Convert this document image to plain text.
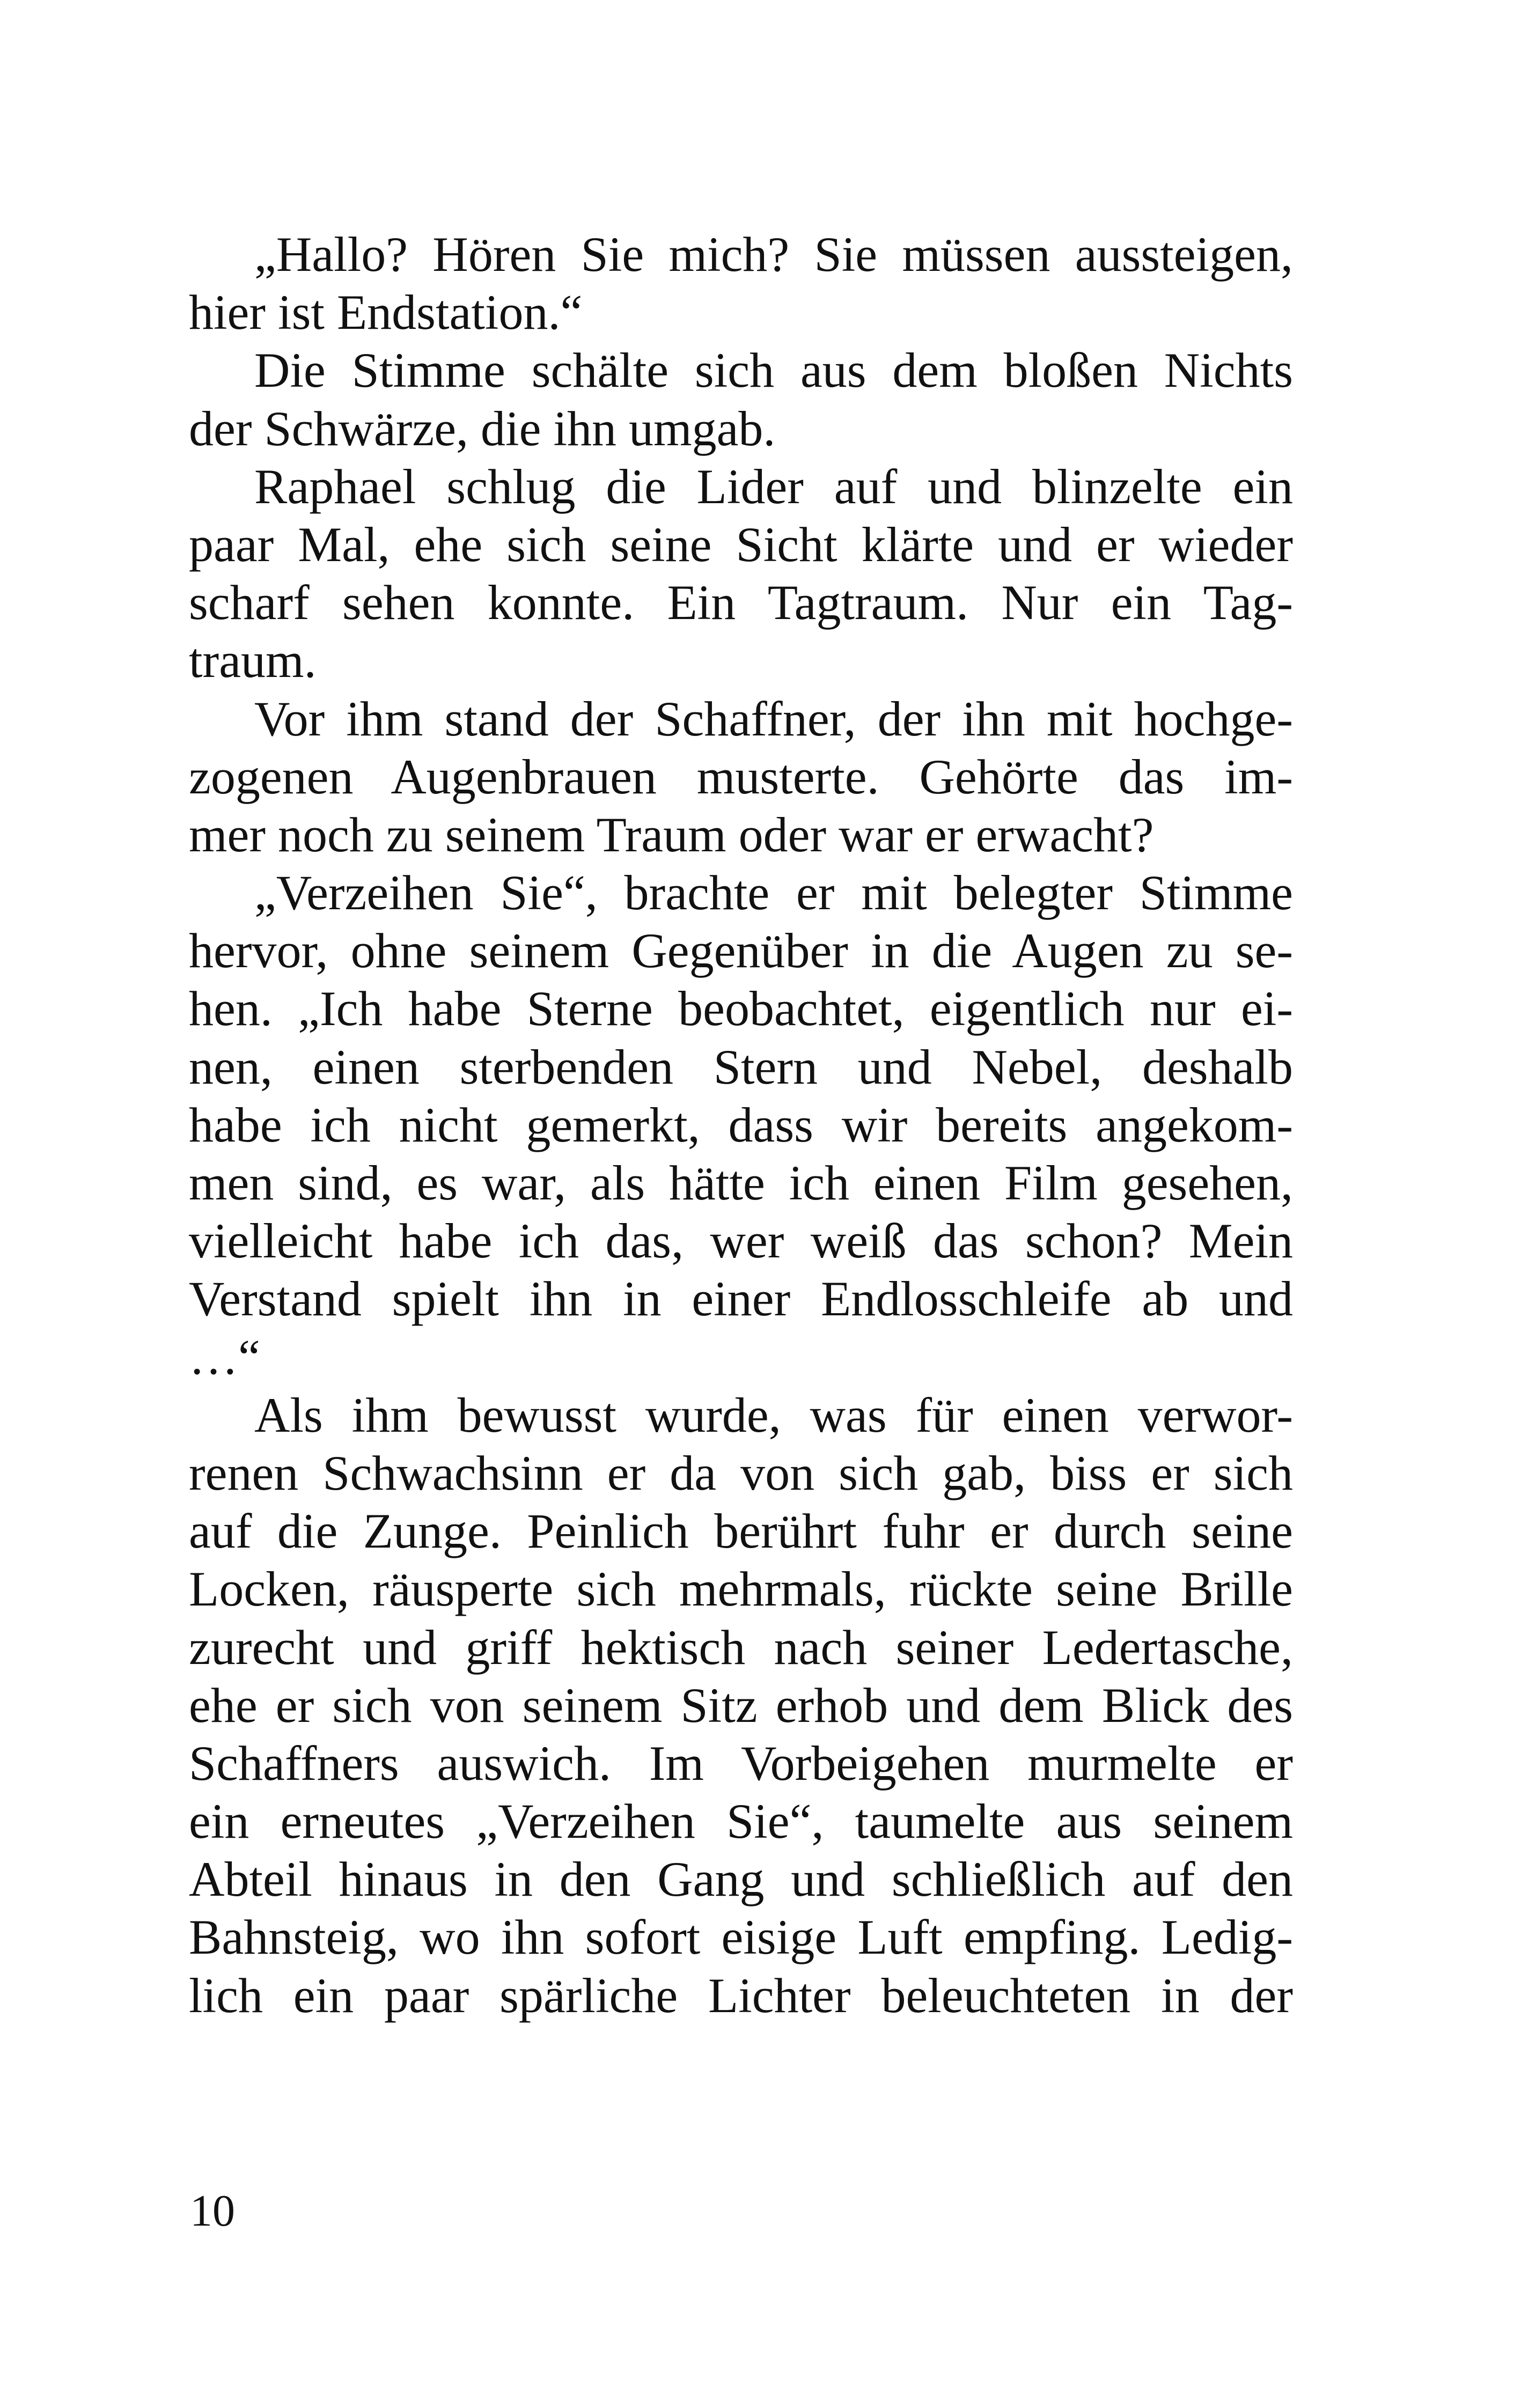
„Hallo? Hören Sie mich? Sie müssen aussteigen,
hier ist Endstation.“
Die Stimme schälte sich aus dem bloßen Nichts
der Schwärze, die ihn umgab.
Raphael schlug die Lider auf und blinzelte ein
paar Mal, ehe sich seine Sicht klärte und er wieder
scharf sehen konnte. Ein Tagtraum. Nur ein Tag-
traum.
Vor ihm stand der Schaffner, der ihn mit hochge-
zogenen Augenbrauen musterte. Gehörte das im-
mer noch zu seinem Traum oder war er erwacht?
„Verzeihen Sie“, brachte er mit belegter Stimme
hervor, ohne seinem Gegenüber in die Augen zu se-
hen. „Ich habe Sterne beobachtet, eigentlich nur ei-
nen, einen sterbenden Stern und Nebel, deshalb
habe ich nicht gemerkt, dass wir bereits angekom-
men sind, es war, als hätte ich einen Film gesehen,
vielleicht habe ich das, wer weiß das schon? Mein
Verstand spielt ihn in einer Endlosschleife ab und
…“
Als ihm bewusst wurde, was für einen verwor-
renen Schwachsinn er da von sich gab, biss er sich
auf die Zunge. Peinlich berührt fuhr er durch seine
Locken, räusperte sich mehrmals, rückte seine Brille
zurecht und griff hektisch nach seiner Ledertasche,
ehe er sich von seinem Sitz erhob und dem Blick des
Schaffners auswich. Im Vorbeigehen murmelte er
ein erneutes „Verzeihen Sie“, taumelte aus seinem
Abteil hinaus in den Gang und schließlich auf den
Bahnsteig, wo ihn sofort eisige Luft empfing. Ledig-
lich ein paar spärliche Lichter beleuchteten in der
10
